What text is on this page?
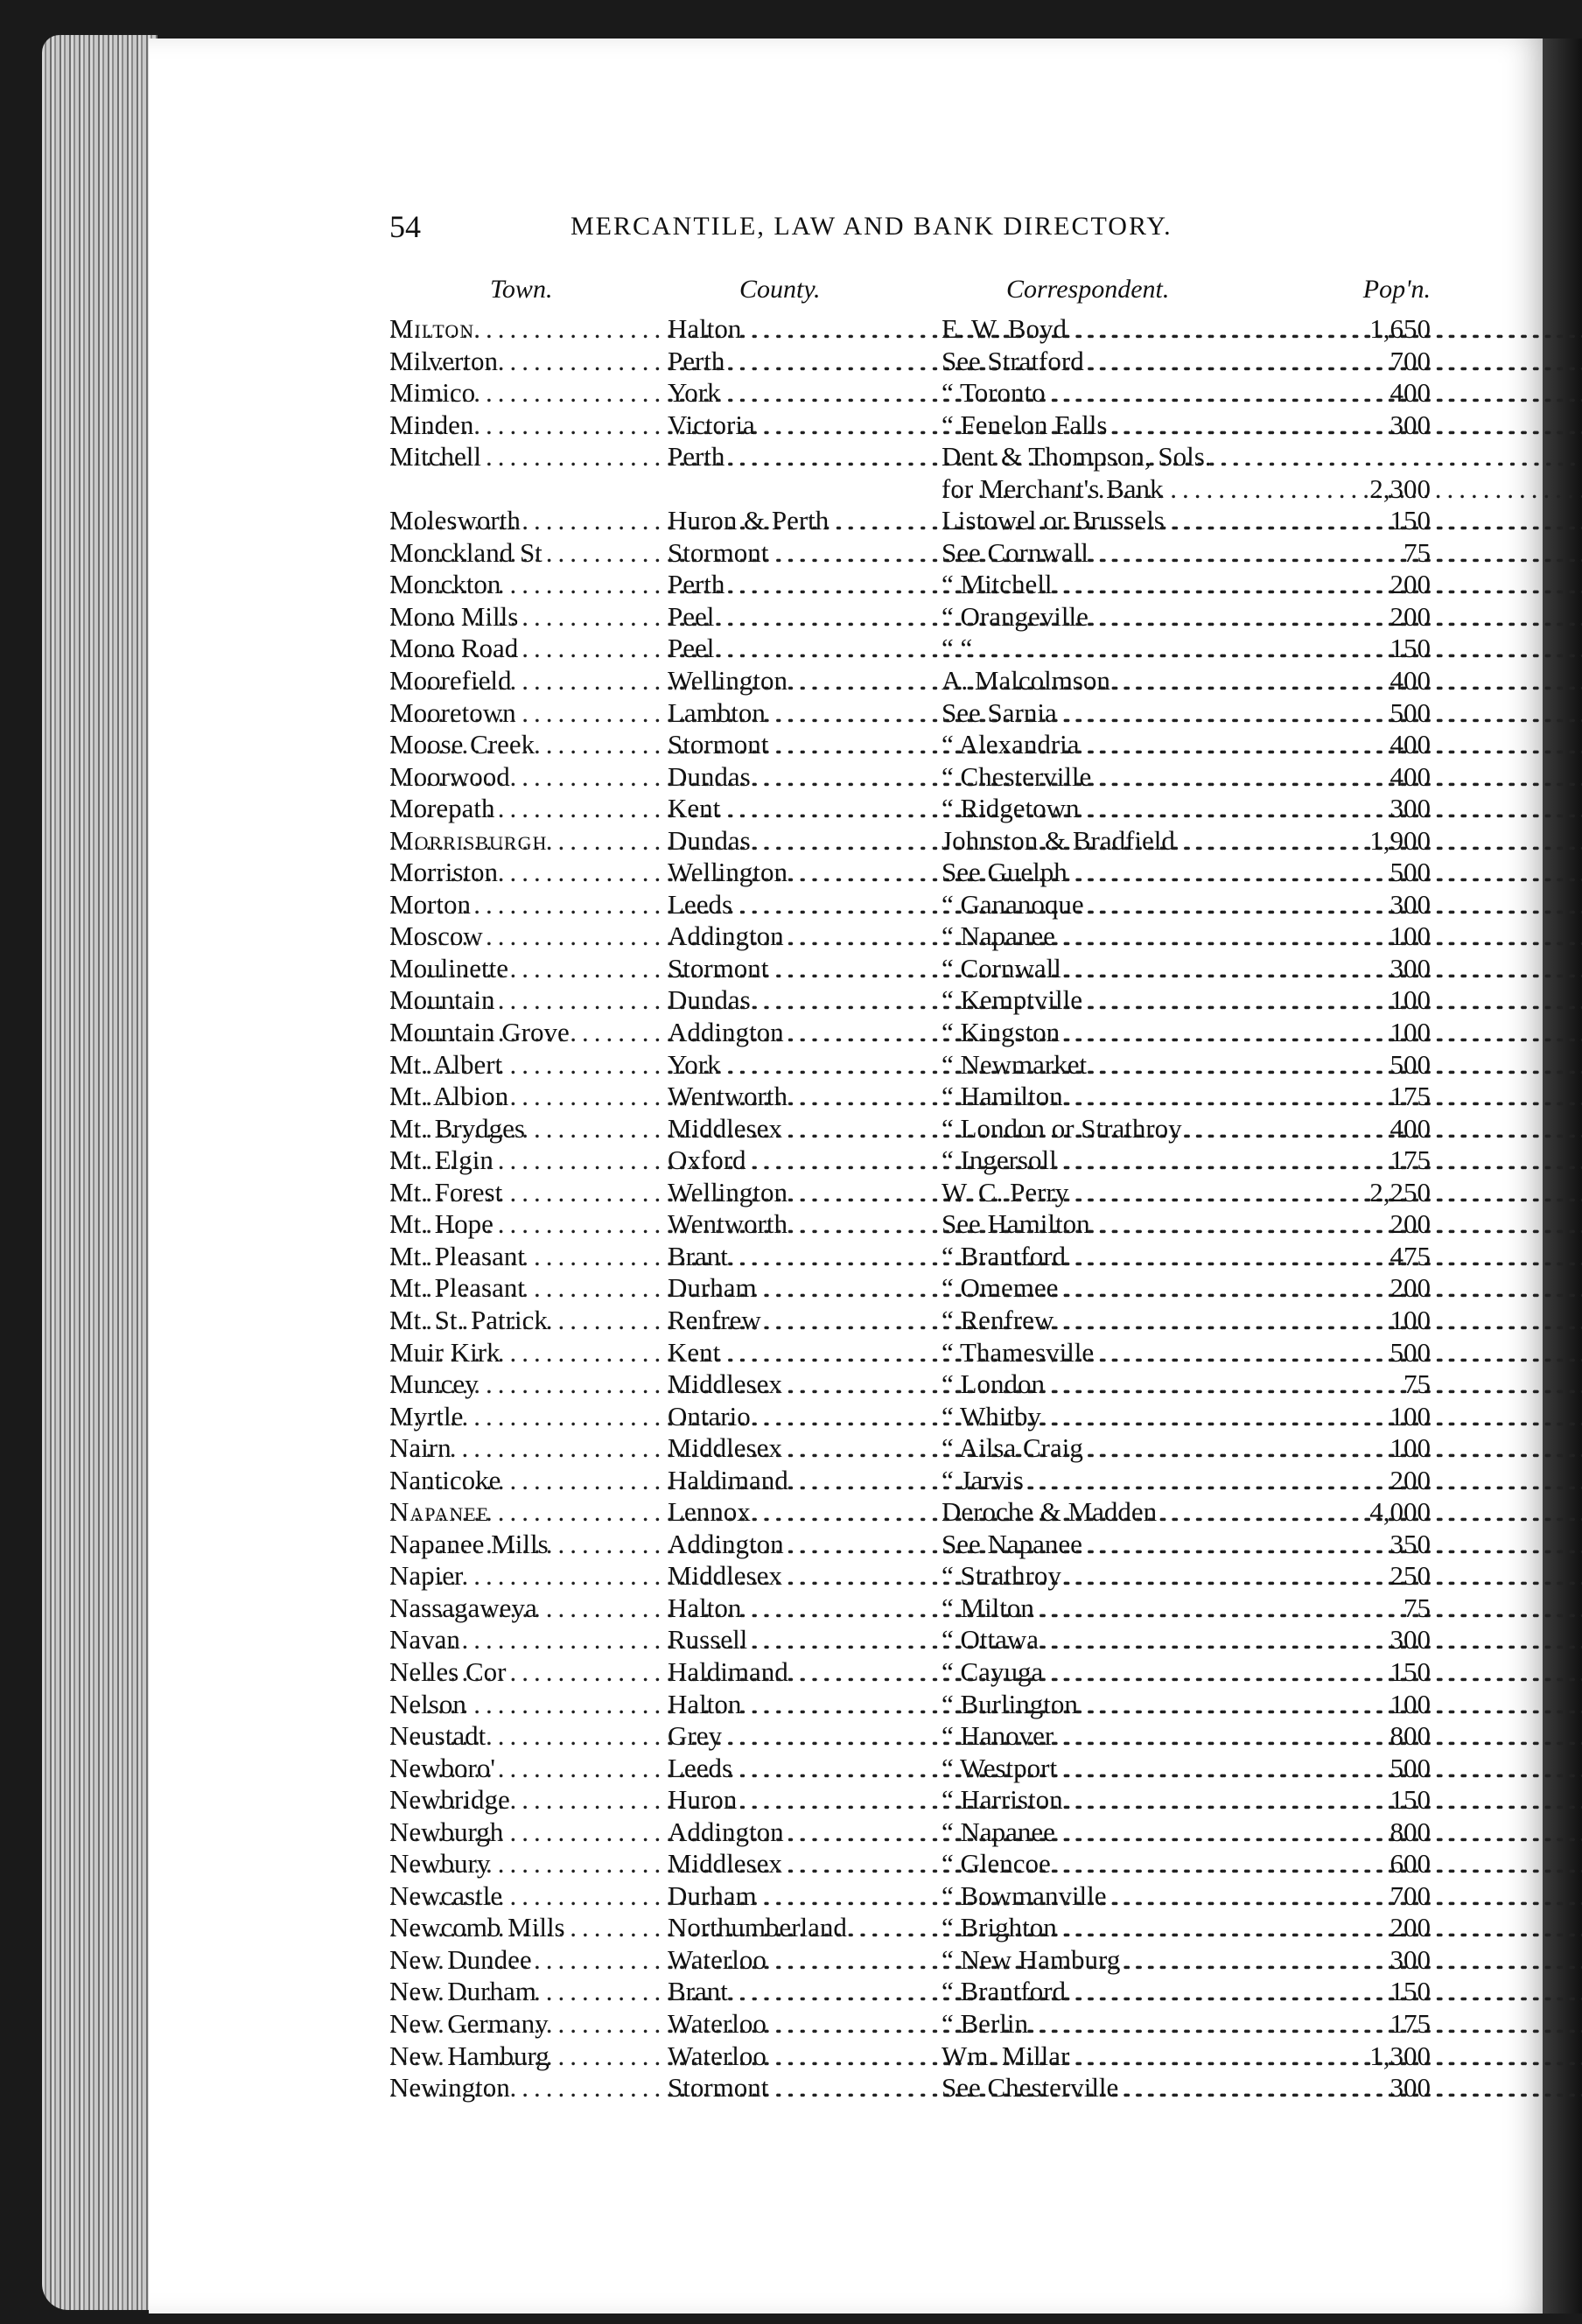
54	MERCANTILE, LAW AND BANK DIRECTORY.
Town.	County.	Correspondent.	Pop'n.
Milton .....	Halton .....	E. W. Boyd .....	1,650
Milverton .....	Perth .....	See Stratford .....	700
Mimico .....	York .....	“ Toronto .....	400
Minden .....	Victoria .....	“ Fenelon Falls .....	300
Mitchell .....	Perth .....	Dent & Thompson, Sols.
for Merchant's Bank .....	2,300
Molesworth .....	Huron & Perth .....	Listowel or Brussels .....	150
Monckland St .....	Stormont .....	See Cornwall .....	75
Monckton .....	Perth .....	“ Mitchell .....	200
Mono Mills .....	Peel .....	“ Orangeville .....	200
Mono Road .....	Peel .....	“ “ .....	150
Moorefield .....	Wellington .....	A. Malcolmson .....	400
Mooretown .....	Lambton .....	See Sarnia .....	500
Moose Creek .....	Stormont .....	“ Alexandria .....	400
Moorwood .....	Dundas .....	“ Chesterville .....	400
Morepath .....	Kent .....	“ Ridgetown .....	300
Morrisburgh .....	Dundas .....	Johnston & Bradfield .....	1,900
Morriston .....	Wellington .....	See Guelph .....	500
Morton .....	Leeds .....	“ Gananoque .....	300
Moscow .....	Addington .....	“ Napanee .....	100
Moulinette .....	Stormont .....	“ Cornwall .....	300
Mountain .....	Dundas .....	“ Kemptville .....	100
Mountain Grove .....	Addington .....	“ Kingston .....	100
Mt. Albert .....	York .....	“ Newmarket .....	500
Mt. Albion .....	Wentworth .....	“ Hamilton .....	175
Mt. Brydges .....	Middlesex .....	“ London or Strathroy .....	400
Mt. Elgin .....	Oxford .....	“ Ingersoll .....	175
Mt. Forest .....	Wellington .....	W. C. Perry .....	2,250
Mt. Hope .....	Wentworth .....	See Hamilton .....	200
Mt. Pleasant .....	Brant .....	“ Brantford .....	475
Mt. Pleasant .....	Durham .....	“ Omemee .....	200
Mt. St. Patrick .....	Renfrew .....	“ Renfrew .....	100
Muir Kirk .....	Kent .....	“ Thamesville .....	500
Muncey .....	Middlesex .....	“ London .....	75
Myrtle .....	Ontario .....	“ Whitby .....	100
Nairn .....	Middlesex .....	“ Ailsa Craig .....	100
Nanticoke .....	Haldimand .....	“ Jarvis .....	200
Napanee .....	Lennox .....	Deroche & Madden .....	4,000
Napanee Mills .....	Addington .....	See Napanee .....	350
Napier .....	Middlesex .....	“ Strathroy .....	250
Nassagaweya .....	Halton .....	“ Milton .....	75
Navan .....	Russell .....	“ Ottawa .....	300
Nelles Cor .....	Haldimand .....	“ Cayuga .....	150
Nelson .....	Halton .....	“ Burlington .....	100
Neustadt .....	Grey .....	“ Hanover .....	800
Newboro' .....	Leeds .....	“ Westport .....	500
Newbridge .....	Huron .....	“ Harriston .....	150
Newburgh .....	Addington .....	“ Napanee .....	800
Newbury .....	Middlesex .....	“ Glencoe .....	600
Newcastle .....	Durham .....	“ Bowmanville .....	700
Newcomb Mills .....	Northumberland .....	“ Brighton .....	200
New Dundee .....	Waterloo .....	“ New Hamburg .....	300
New Durham .....	Brant .....	“ Brantford .....	150
New Germany .....	Waterloo .....	“ Berlin .....	175
New Hamburg .....	Waterloo .....	Wm. Millar .....	1,300
Newington .....	Stormont .....	See Chesterville .....	300
